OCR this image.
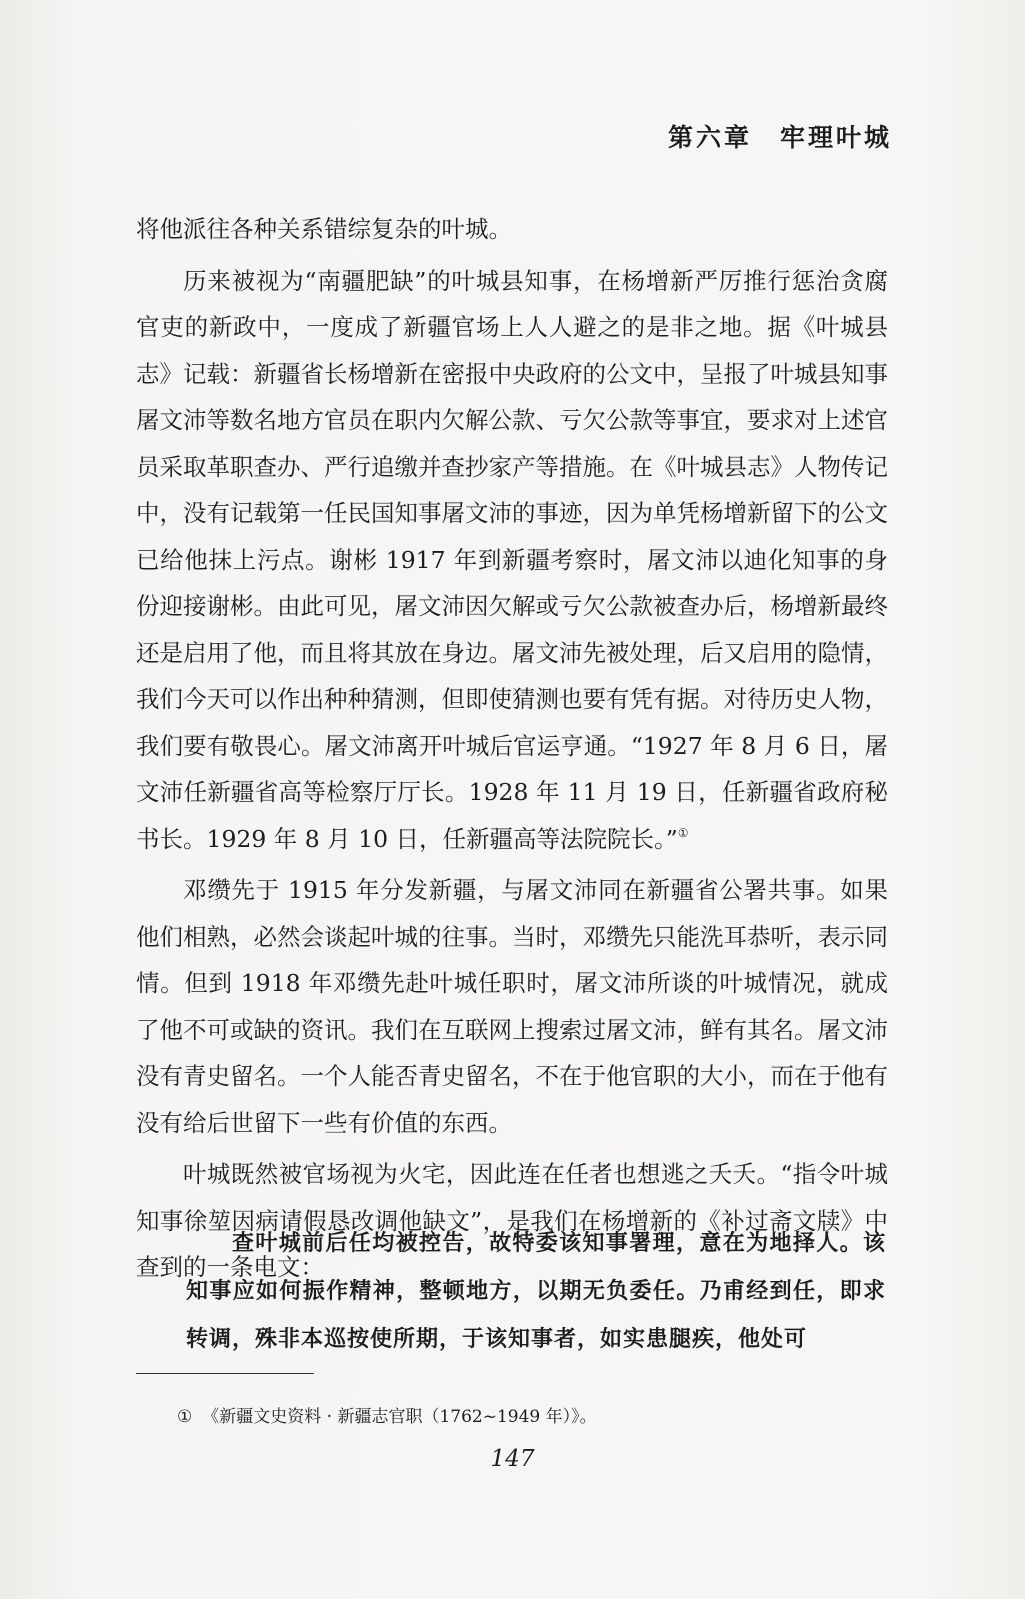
第六章 牢理叶城

将他派往各种关系错综复杂的叶城。

历来被视为“南疆肥缺”的叶城县知事，在杨增新严厉推行惩治贪腐官吏的新政中，一度成了新疆官场上人人避之的是非之地。据《叶城县志》记载：新疆省长杨增新在密报中央政府的公文中，呈报了叶城县知事屠文沛等数名地方官员在职内欠解公款、亏欠公款等事宜，要求对上述官员采取革职查办、严行追缴并查抄家产等措施。在《叶城县志》人物传记中，没有记载第一任民国知事屠文沛的事迹，因为单凭杨增新留下的公文已给他抹上污点。谢彬 1917 年到新疆考察时，屠文沛以迪化知事的身份迎接谢彬。由此可见，屠文沛因欠解或亏欠公款被查办后，杨增新最终还是启用了他，而且将其放在身边。屠文沛先被处理，后又启用的隐情，我们今天可以作出种种猜测，但即使猜测也要有凭有据。对待历史人物，我们要有敬畏心。屠文沛离开叶城后官运亨通。“1927 年 8 月 6 日，屠文沛任新疆省高等检察厅厅长。1928 年 11 月 19 日，任新疆省政府秘书长。1929 年 8 月 10 日，任新疆高等法院院长。”①

邓缵先于 1915 年分发新疆，与屠文沛同在新疆省公署共事。如果他们相熟，必然会谈起叶城的往事。当时，邓缵先只能洗耳恭听，表示同情。但到 1918 年邓缵先赴叶城任职时，屠文沛所谈的叶城情况，就成了他不可或缺的资讯。我们在互联网上搜索过屠文沛，鲜有其名。屠文沛没有青史留名。一个人能否青史留名，不在于他官职的大小，而在于他有没有给后世留下一些有价值的东西。

叶城既然被官场视为火宅，因此连在任者也想逃之夭夭。“指令叶城知事徐堃因病请假恳改调他缺文”，是我们在杨增新的《补过斋文牍》中查到的一条电文：

查叶城前后任均被控告，故特委该知事署理，意在为地择人。该知事应如何振作精神，整顿地方，以期无负委任。乃甫经到任，即求转调，殊非本巡按使所期，于该知事者，如实患腿疾，他处可

① 《新疆文史资料 · 新疆志官职（1762~1949 年）》。
147
